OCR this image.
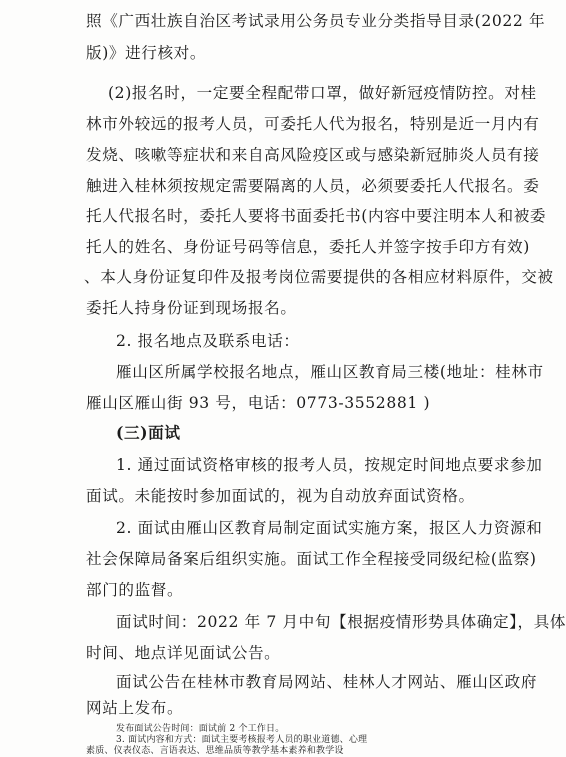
照《广西壮族自治区考试录用公务员专业分类指导目录(2022 年
版)》进行核对。
(2)报名时，一定要全程配带口罩，做好新冠疫情防控。对桂
林市外较远的报考人员，可委托人代为报名，特别是近一月内有
发烧、咳嗽等症状和来自高风险疫区或与感染新冠肺炎人员有接
触进入桂林须按规定需要隔离的人员，必须要委托人代报名。委
托人代报名时，委托人要将书面委托书(内容中要注明本人和被委
托人的姓名、身份证号码等信息，委托人并签字按手印方有效)
、本人身份证复印件及报考岗位需要提供的各相应材料原件，交被
委托人持身份证到现场报名。
2. 报名地点及联系电话：
雁山区所属学校报名地点，雁山区教育局三楼(地址：桂林市
雁山区雁山街 93 号，电话：0773-3552881 )
(三)面试
1. 通过面试资格审核的报考人员，按规定时间地点要求参加
面试。未能按时参加面试的，视为自动放弃面试资格。
2. 面试由雁山区教育局制定面试实施方案，报区人力资源和
社会保障局备案后组织实施。面试工作全程接受同级纪检(监察)
部门的监督。
面试时间：2022 年 7 月中旬【根据疫情形势具体确定】，具体
时间、地点详见面试公告。
面试公告在桂林市教育局网站、桂林人才网站、雁山区政府
网站上发布。
发布面试公告时间：面试前 2 个工作日。
3. 面试内容和方式：面试主要考核报考人员的职业道德、心理
素质、仪表仪态、言语表达、思维品质等教学基本素养和教学设
